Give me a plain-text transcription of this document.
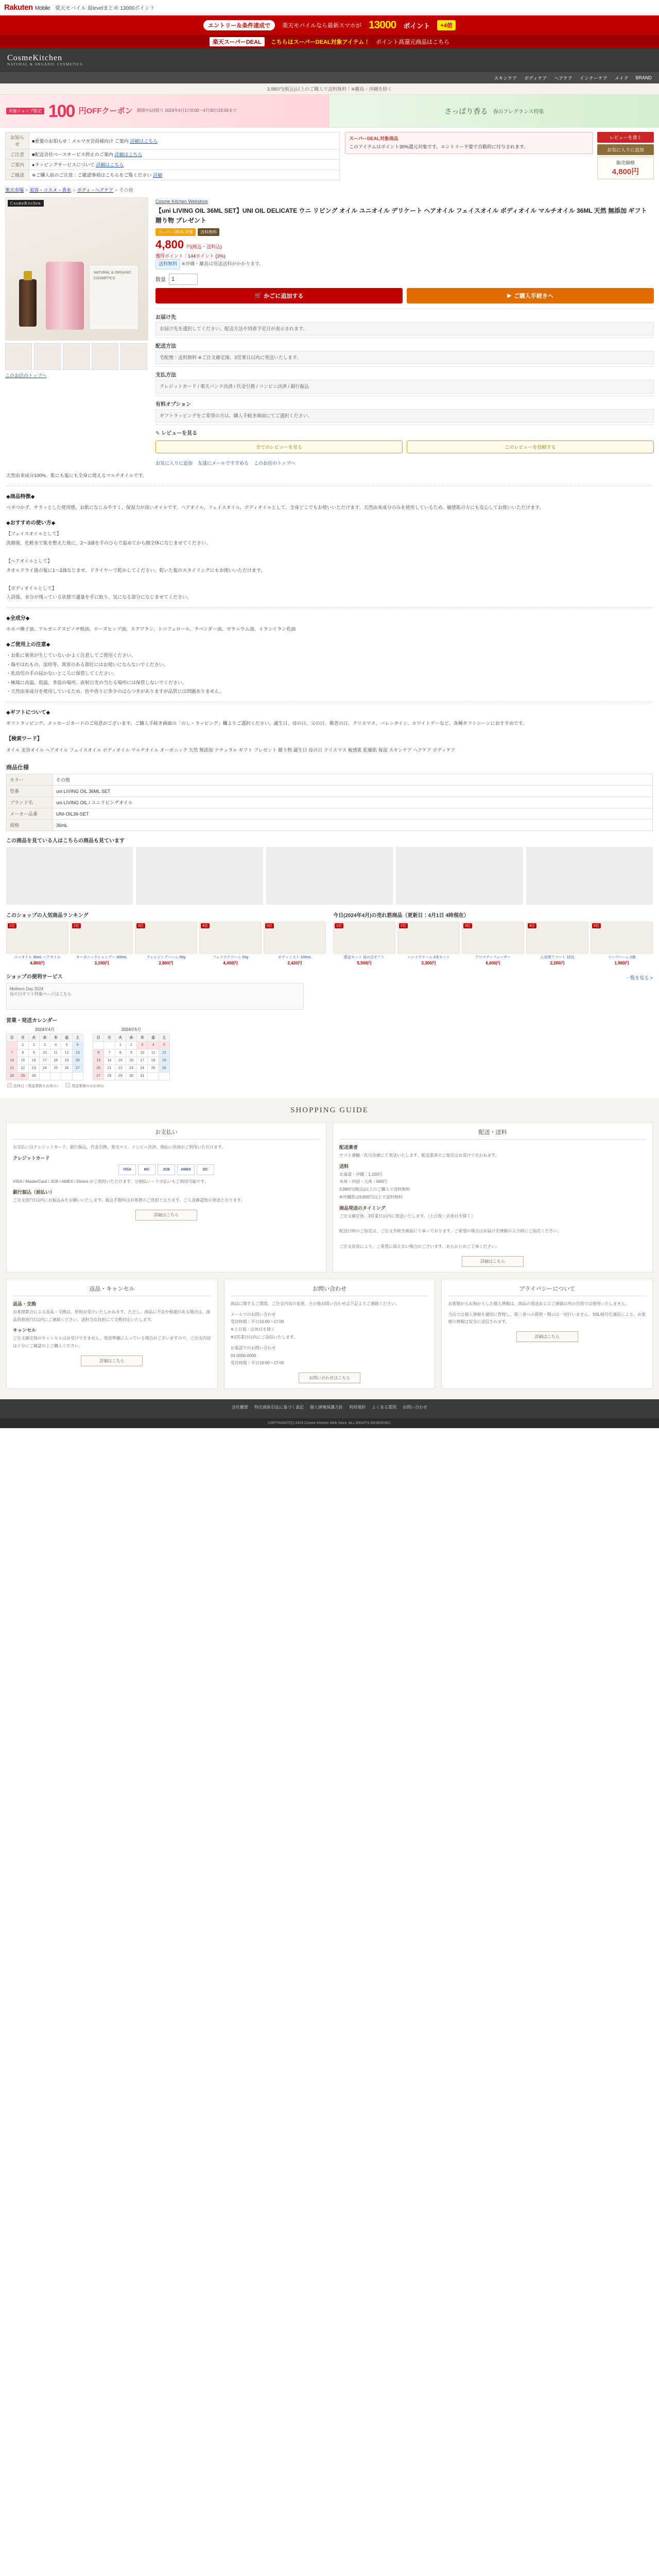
Rakuten Mobile 楽天モバイル 最levelまとめ 13000ポイント
エントリー＆条件達成で	楽天モバイルなら最新スマホが 13000 ポイント	+4倍
楽天スーパーDEAL	こちらはスーパーDEAL対象アイテム！ ポイント高還元商品はこちら
CosmeKitchen
NATURAL & ORGANIC COSMETICS
スキンケア ボディケア ヘアケア インナーケア メイク BRAND
3,980円(税込)以上のご購入で送料無料！※離島・沖縄を除く
対象ショップ限定 100 円OFFクーポン 期間中1回限り 2024年4月1日0:00〜4月30日23:59まで	さっぱり香る 春のフレグランス特集
お知らせ	■重要のお知らせ：メルマガ会員様向け ご案内 詳細はこちら
ご注意	■配送会社ベースサービス停止のご案内 詳細はこちら
ご案内	●ラッピングサービスについて 詳細はこちら
ご確認	※ご購入前のご注意：ご確認事項はこちらをご覧ください 詳細
スーパーDEAL対象商品
このアイテムはポイント30%還元対象です。エントリー不要で自動的に付与されます。
レビューを書く
お気に入りに追加
販売価格
4,800円
楽天市場 > 美容・コスメ・香水 > ボディ・ヘアケア > その他
CosmeKitchen
NATURAL & ORGANIC COSMETICS
このお店のトップへ
Cosme Kitchen Webstore
【uni LIVING OIL 36ML SET】UNI OIL DELICATE ウニ リビング オイル ユニオイル デリケート ヘアオイル フェイスオイル ボディオイル マルチオイル 36ML 天然 無添加 ギフト 贈り物 プレゼント
スーパーDEAL対象	送料無料
4,800 円(税込・送料込)
獲得ポイント：144ポイント (3%)
送料無料 ※沖縄・離島は別途送料がかかります。
数量	1
🛒 かごに追加する	▶ ご購入手続きへ
お届け先
お届け先を選択してください。配送方法や到着予定日が表示されます。
配送方法
宅配便：送料無料 ※ご注文確定後、3営業日以内に発送いたします。
支払方法
クレジットカード / 楽天バンク決済 / 代金引換 / コンビニ決済 / 銀行振込
有料オプション
ギフトラッピングをご希望の方は、購入手続き画面にてご選択ください。
✎ レビューを見る
全てのレビューを見る	このレビューを投稿する
お気に入りに追加 友達にメールですすめる このお店のトップへ

天然由来成分100%、肌にも髪にも全身に使えるマルチオイルです。

◆商品特徴◆

ベタつかず、サラッとした使用感。お肌になじみやすく、保湿力が高いオイルです。ヘアオイル、フェイスオイル、ボディオイルとして、全身どこでもお使いいただけます。天然由来成分のみを使用しているため、敏感肌の方にも安心してお使いいただけます。

◆おすすめの使い方◆

【フェイスオイルとして】
洗顔後、化粧水で肌を整えた後に、2〜3滴を手のひらで温めてから顔全体になじませてください。

【ヘアオイルとして】
タオルドライ後の髪に1〜2滴なじませ、ドライヤーで乾かしてください。乾いた髪のスタイリングにもお使いいただけます。

【ボディオイルとして】
入浴後、水分が残っている状態で適量を手に取り、気になる部分になじませてください。

◆全成分◆

ホホバ種子油、アルガニアスピノサ核油、ローズヒップ油、スクワラン、トコフェロール、ラベンダー油、ゼラニウム油、イランイラン花油

◆ご使用上の注意◆

・お肌に異常が生じていないかよく注意してご使用ください。
・傷やはれもの、湿疹等、異常のある部位にはお使いにならないでください。
・乳幼児の手の届かないところに保管してください。
・極端に高温、低温、多湿の場所、直射日光の当たる場所には保管しないでください。
・天然由来成分を使用しているため、色や香りに多少のばらつきがありますが品質には問題ありません。

◆ギフトについて◆

ギフトラッピング、メッセージカードのご用意がございます。ご購入手続き画面の「のし・ラッピング」欄よりご選択ください。誕生日、母の日、父の日、敬老の日、クリスマス、バレンタイン、ホワイトデーなど、各種ギフトシーンにおすすめです。

【検索ワード】

オイル 美容オイル ヘアオイル フェイスオイル ボディオイル マルチオイル オーガニック 天然 無添加 ナチュラル ギフト プレゼント 贈り物 誕生日 母の日 クリスマス 敏感肌 乾燥肌 保湿 スキンケア ヘアケア ボディケア

商品仕様
カラー	その他
型番	uni LIVING OIL 36ML SET
ブランド名	uni LIVING OIL / ユニリビングオイル
メーカー品番	UNI-OIL36-SET
規格	36mL
この商品を見ている人はこちらの商品も見ています
このショップの人気商品ランキング
1位
ユニオイル 36mL ヘアオイル
4,800円
2位
オーガニックシャンプー 300mL
3,190円
3位
クレンジングバーム 90g
2,860円
4位
フェイスクリーム 50g
4,400円
5位
ボディミスト 100mL
2,420円
今日(2024年4月)の売れ筋商品（更新日：4月1日 4時現在）
1位
限定セット 母の日ギフト
5,500円
2位
ハンドクリーム 3本セット
3,300円
3位
アロマディフューザー
6,600円
4位
入浴剤アソート 10包
2,200円
5位
リップバーム 2個
1,980円
ショップの便利サービス	一覧を見る >
Mothers Day 2024
母の日ギフト特集ページはこちら
営業・発送カレンダー
2024年4月
日	月	火	水	木	金	土
	1	2	3	4	5	6
7	8	9	10	11	12	13
14	15	16	17	18	19	20
21	22	23	24	25	26	27
28	29	30				
2024年5月
日	月	火	水	木	金	土
		1	2	3	4	5
6	7	8	9	10	11	12
13	14	15	16	17	18	19
20	21	22	23	24	25	26
27	28	29	30	31		
店休日（発送業務もお休み）	発送業務のみお休み
SHOPPING GUIDE
お支払い

お支払いはクレジットカード、銀行振込、代金引換、楽天ペイ、コンビニ決済、後払い決済がご利用いただけます。

クレジットカード
VISA	MC	JCB	AMEX	DC

VISA / MasterCard / JCB / AMEX / Diners がご利用いただけます。分割払い・リボ払いもご利用可能です。

銀行振込（前払い）

ご注文後7日以内にお振込みをお願いいたします。振込手数料はお客様のご負担となります。ご入金確認後の発送となります。

詳細はこちら
配送・送料
配送業者

ヤマト運輸／佐川急便にて発送いたします。配送業者のご指定はお受けできかねます。

送料

北海道・沖縄：1,100円
本州・四国・九州：660円
3,980円(税込)以上のご購入で送料無料
※沖縄県は9,800円以上で送料無料

商品発送のタイミング

ご注文確定後、3営業日以内に発送いたします。（土日祝・店休日を除く）

配送日時のご指定は、ご注文手続き画面にて承っております。ご希望の場合はお届け先情報の入力時にご指定ください。

ご注文状況により、ご希望に添えない場合がございます。あらかじめご了承ください。

詳細はこちら
返品・キャンセル
返品・交換

お客様都合による返品・交換は、原則お受けいたしかねます。ただし、商品に不良や相違がある場合は、商品到着後7日以内にご連絡ください。送料当店負担にて交換対応いたします。

キャンセル

ご注文確定後のキャンセルはお受けできません。発送準備に入っている場合がございますので、ご注文内容は十分にご確認の上ご購入ください。

詳細はこちら
お問い合わせ

商品に関するご質問、ご注文内容の変更、その他お問い合わせは下記よりご連絡ください。

メールでのお問い合わせ
受付時間：平日10:00〜17:00
※土日祝・店休日を除く
※2営業日以内にご返信いたします。

お電話でのお問い合わせ
03-0000-0000
受付時間：平日10:00〜17:00

お問い合わせはこちら
プライバシーについて

お客様からお預かりした個人情報は、商品の発送およびご連絡以外の目的では使用いたしません。

当店では個人情報を適切に管理し、第三者への提供・開示は一切行いません。SSL暗号化通信により、お客様の情報は安全に送信されます。

詳細はこちら
会社概要 特定商取引法に基づく表記 個人情報保護方針 利用規約 よくある質問 お問い合わせ
COPYRIGHT(C) 2024 Cosme Kitchen Web Store. ALL RIGHTS RESERVED.
